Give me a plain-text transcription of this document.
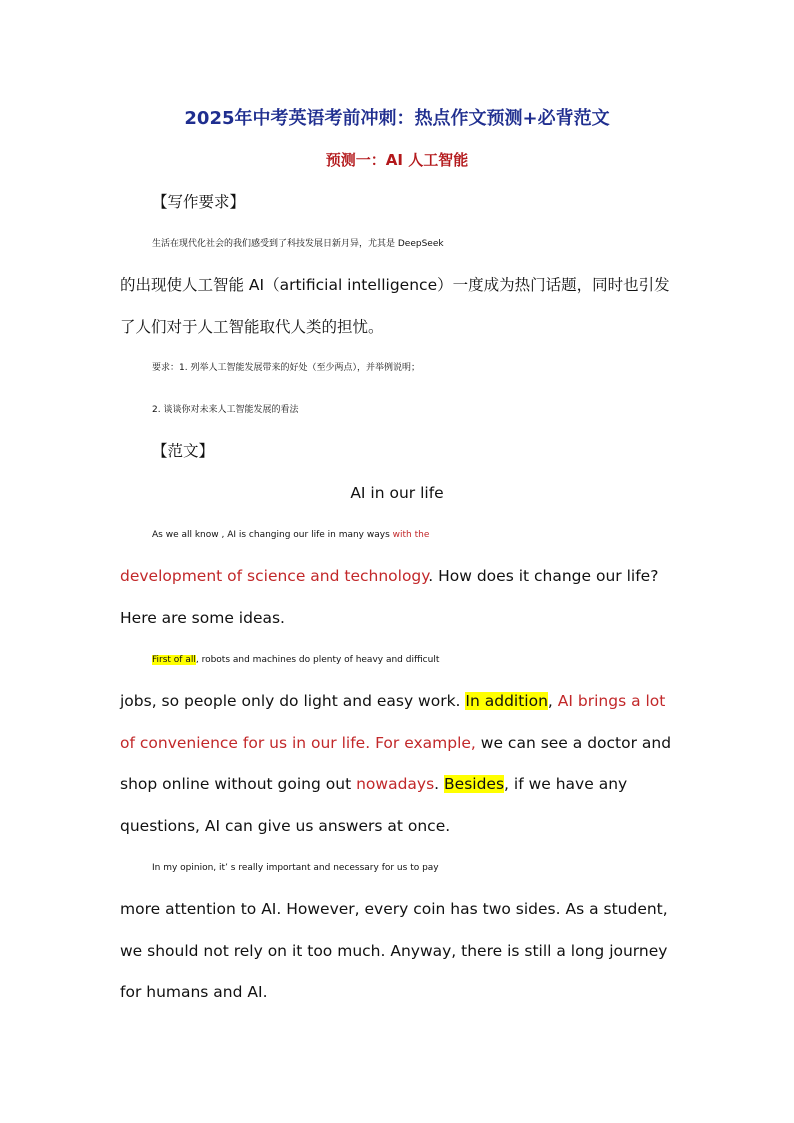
2025年中考英语考前冲刺：热点作文预测+必背范文
预测一：AI 人工智能
【写作要求】
生活在现代化社会的我们感受到了科技发展日新月异，尤其是 DeepSeek
的出现使人工智能 AI（artificial intelligence）一度成为热门话题，同时也引发
了人们对于人工智能取代人类的担忧。
要求：1. 列举人工智能发展带来的好处（至少两点），并举例说明；
2. 谈谈你对未来人工智能发展的看法
【范文】
AI in our life
As we all know , AI is changing our life in many ways with the
development of science and technology. How does it change our life?
Here are some ideas.
First of all, robots and machines do plenty of heavy and difficult
jobs, so people only do light and easy work. In addition, AI brings a lot
of convenience for us in our life. For example, we can see a doctor and
shop online without going out nowadays. Besides, if we have any
questions, AI can give us answers at once.
In my opinion, it’ s really important and necessary for us to pay
more attention to AI. However, every coin has two sides. As a student,
we should not rely on it too much. Anyway, there is still a long journey
for humans and AI.
